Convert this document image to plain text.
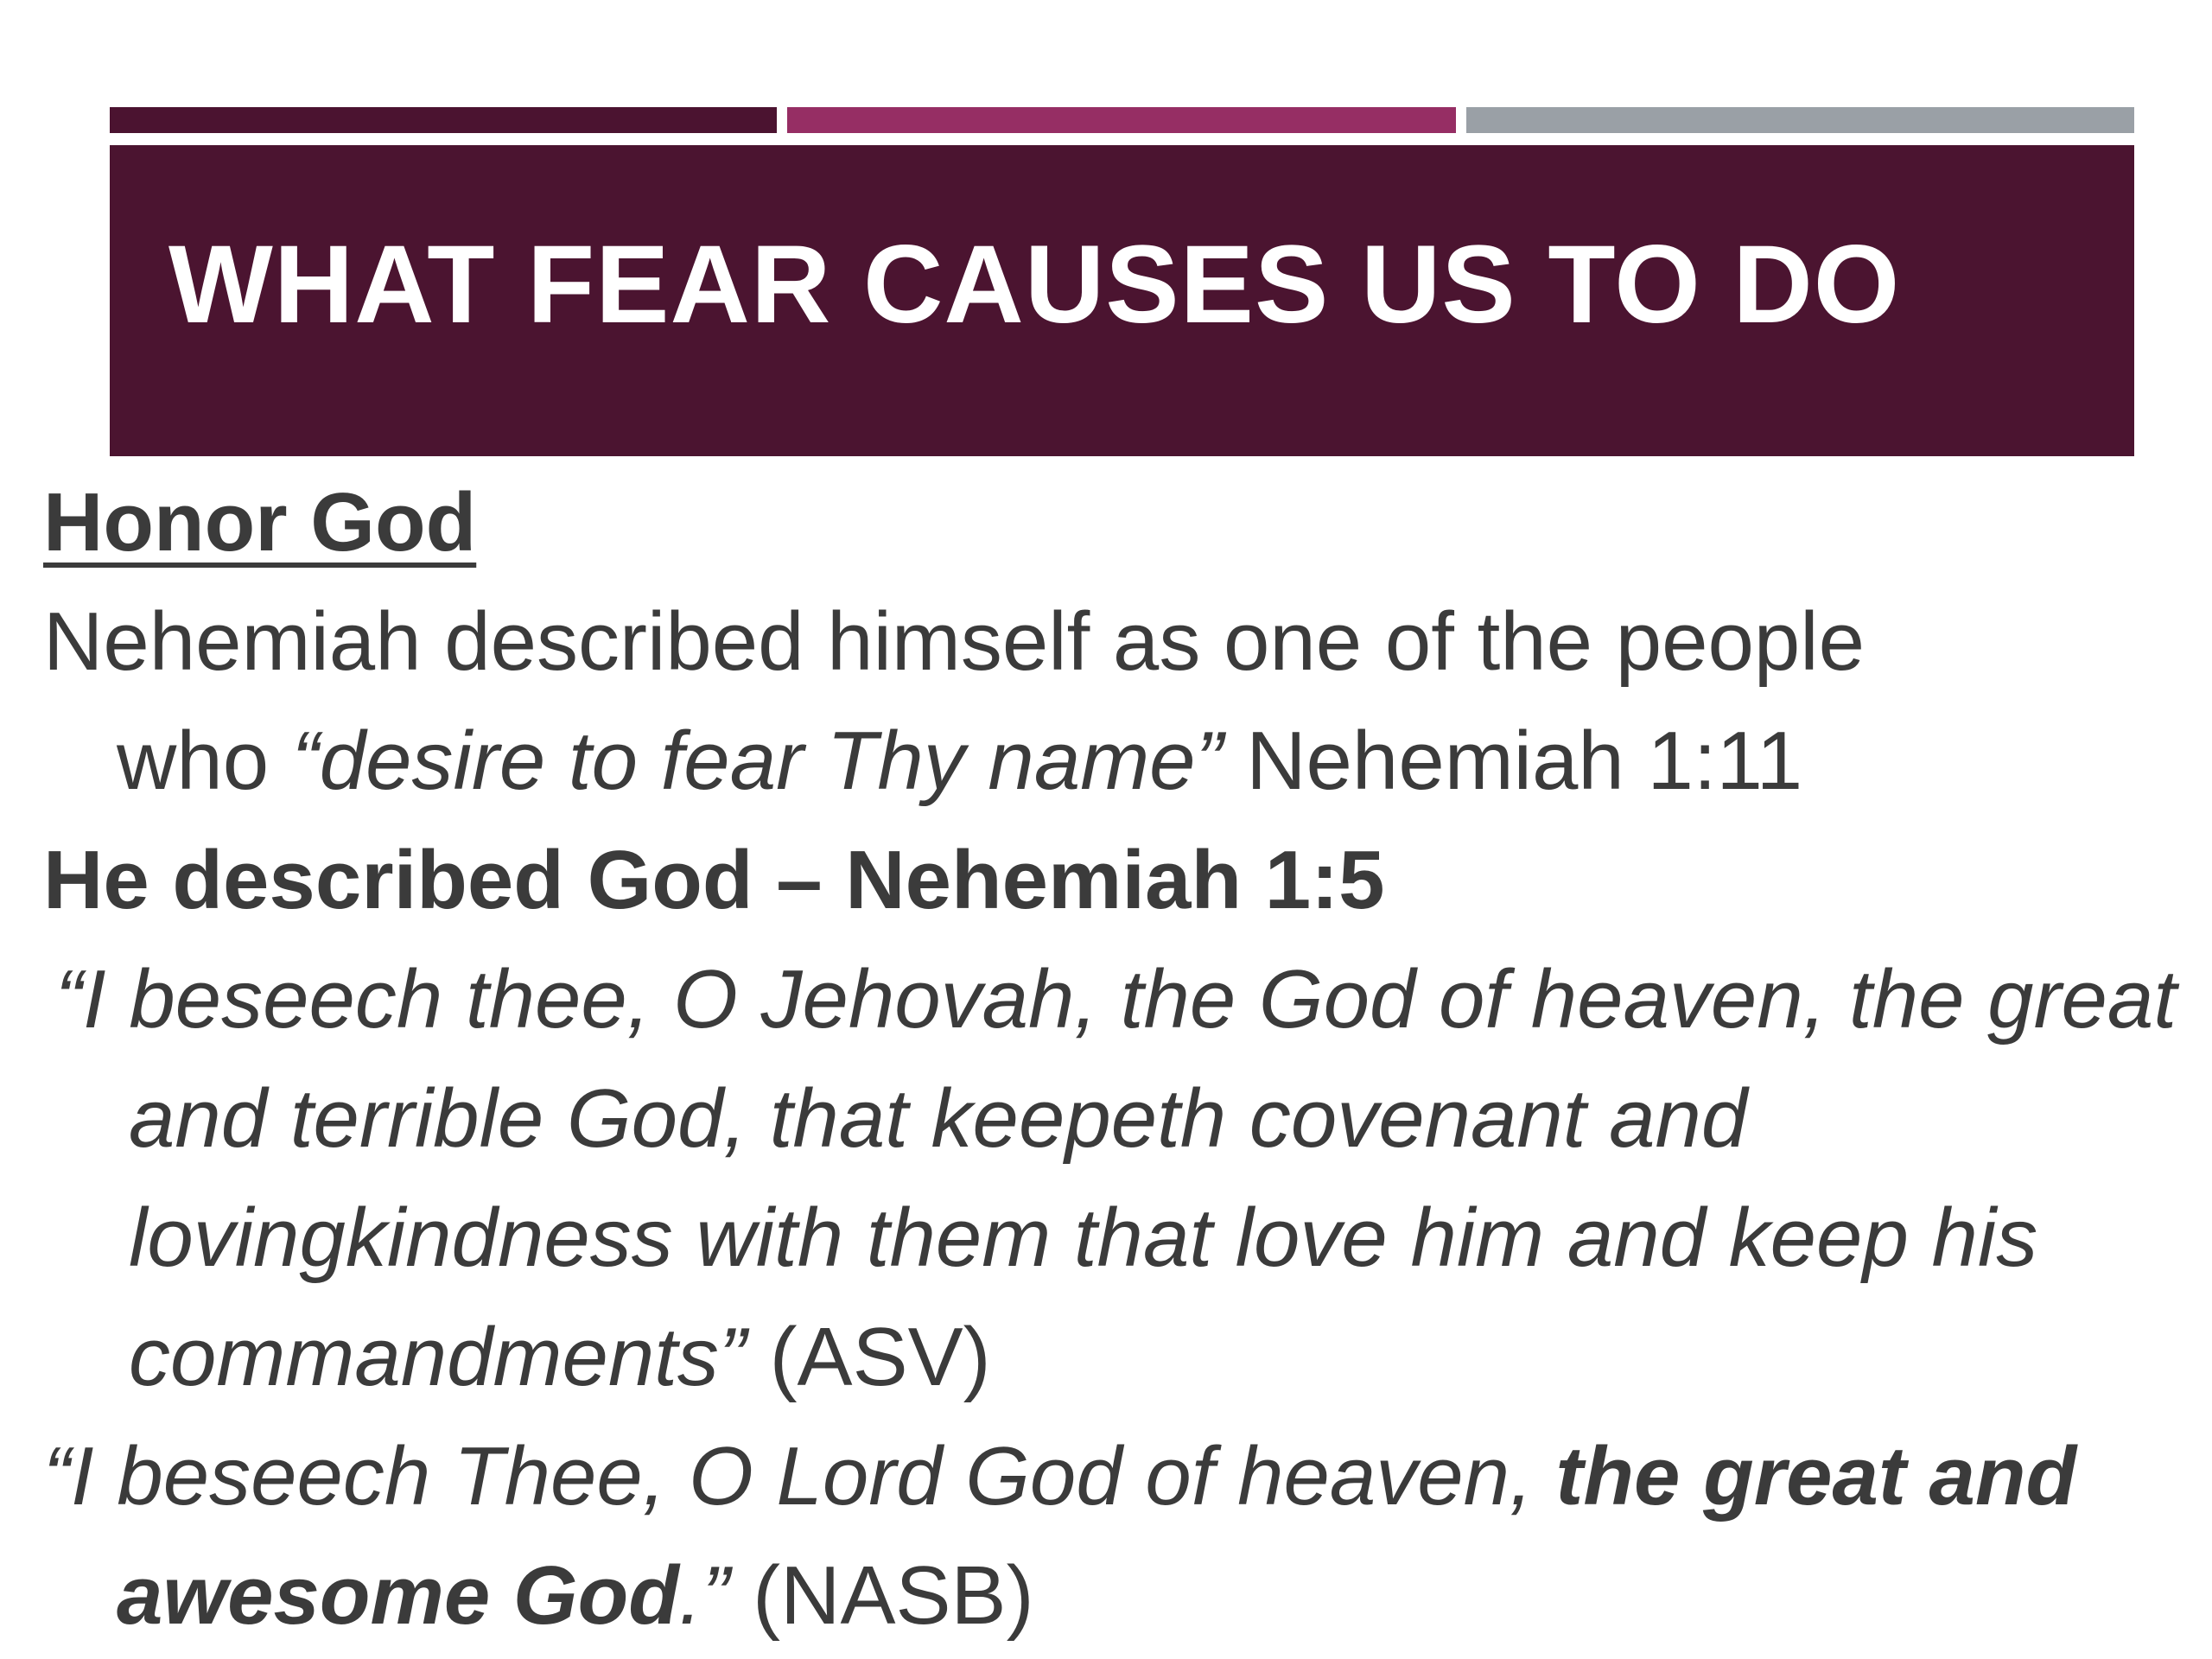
WHAT FEAR CAUSES US TO DO

Honor God

Nehemiah described himself as one of the people
who “desire to fear Thy name” Nehemiah 1:11

He described God – Nehemiah 1:5

“I beseech thee, O Jehovah, the God of heaven, the great
and terrible God, that keepeth covenant and
lovingkindness with them that love him and keep his
commandments” (ASV)

“I beseech Thee, O Lord God of heaven, the great and
awesome God.” (NASB)
